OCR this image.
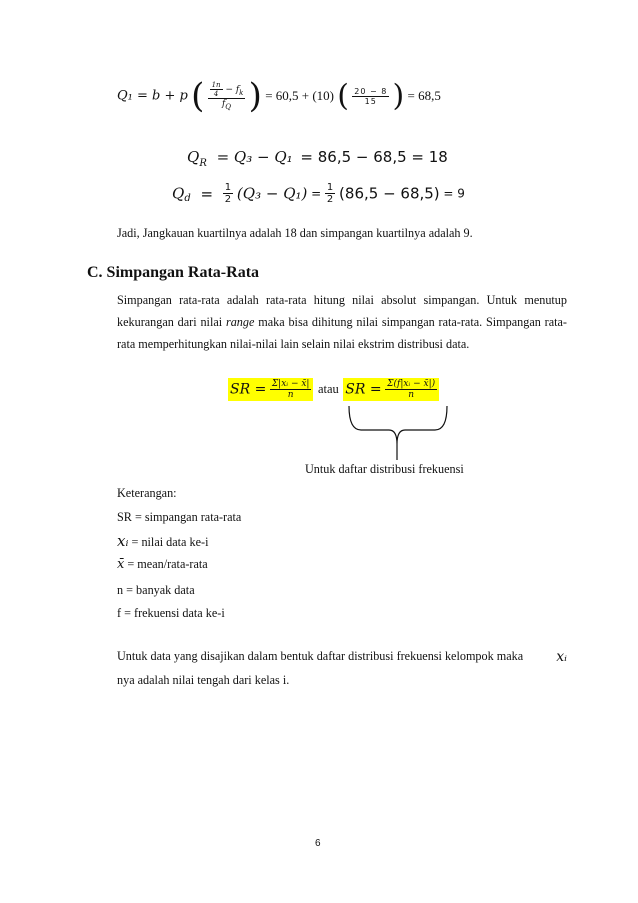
Q₁ = b + p ( $\frac{\frac{1n}{4} - f_k}{f_Q}$ ) = 60,5 + (10) ( $\frac{20 - 8}{15}$ ) = 68,5
$Q_R = Q_3 - Q_1 = 86,5 - 68,5 = 18$
$Q_d = \frac{1}{2} (Q_3 - Q_1) = \frac{1}{2} (86,5 - 68,5) = 9$
Jadi, Jangkauan kuartilnya adalah 18 dan simpangan kuartilnya adalah 9.
C. Simpangan Rata-Rata
Simpangan rata-rata adalah rata-rata hitung nilai absolut simpangan. Untuk menutup kekurangan dari nilai range maka bisa dihitung nilai simpangan rata-rata. Simpangan rata-rata memperhitungkan nilai-nilai lain selain nilai ekstrim distribusi data.
SR = $\frac{\text{Σ|xᵢ − x̄|}}{n}$ atau SR = $\frac{\text{Σ(f|xᵢ − x̄|)}}{n}$
Untuk daftar distribusi frekuensi
Keterangan:
SR = simpangan rata-rata
xᵢ = nilai data ke-i
x̄ = mean/rata-rata
n = banyak data
f = frekuensi data ke-i
Untuk data yang disajikan dalam bentuk daftar distribusi frekuensi kelompok maka xᵢ
nya adalah nilai tengah dari kelas i.
6
